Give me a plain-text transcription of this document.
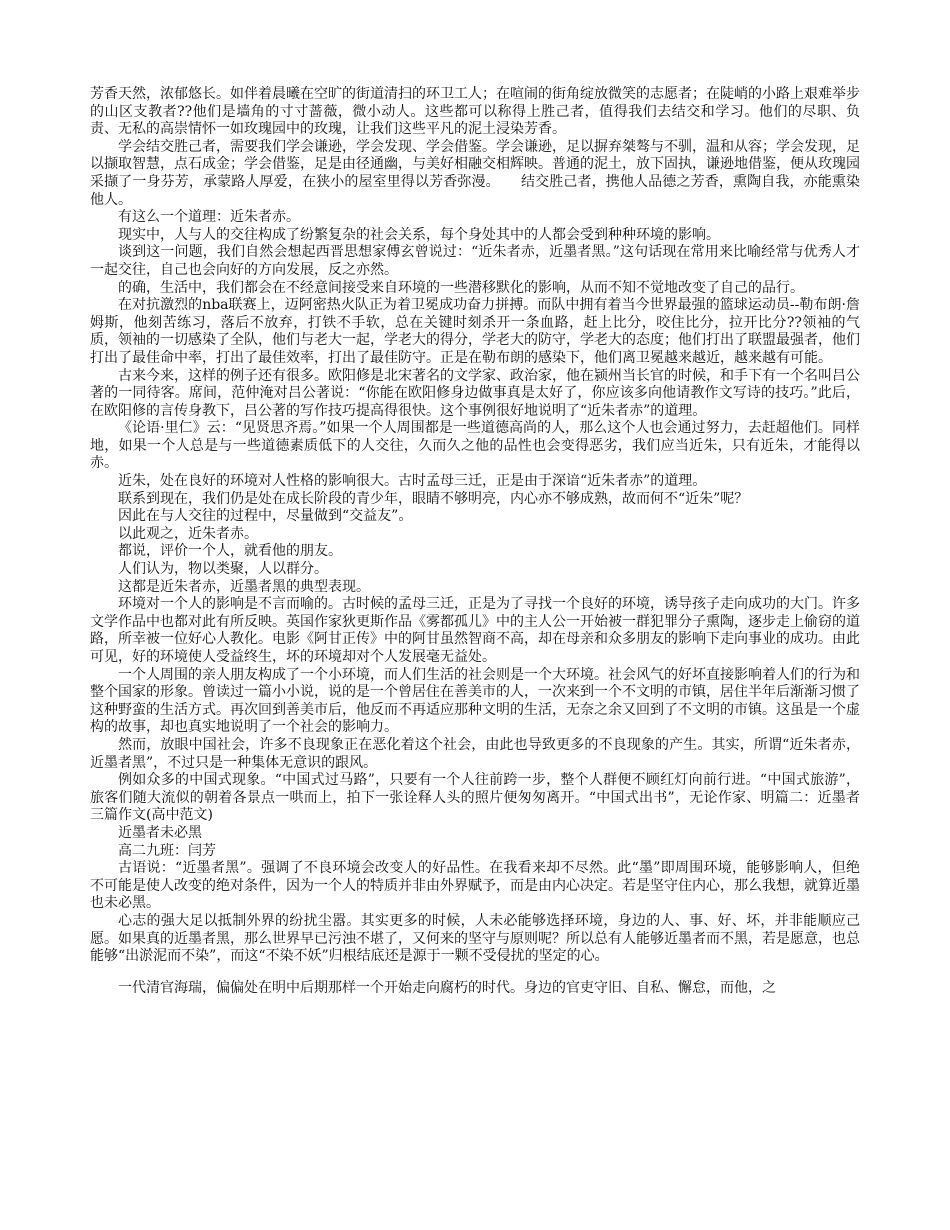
芳香天然，浓郁悠长。如伴着晨曦在空旷的街道清扫的环卫工人；在喧闹的街角绽放微笑的志愿者；在陡峭的小路上艰难举步的山区支教者??他们是墙角的寸寸蔷薇，微小动人。这些都可以称得上胜己者，值得我们去结交和学习。他们的尽职、负责、无私的高崇情怀一如玫瑰园中的玫瑰，让我们这些平凡的泥土浸染芳香。

学会结交胜己者，需要我们学会谦逊，学会发现、学会借鉴。学会谦逊，足以摒弃桀骜与不驯，温和从容；学会发现，足以撷取智慧，点石成金；学会借鉴，足是由径通幽，与美好相融交相辉映。普通的泥土，放下固执，谦逊地借鉴，便从玫瑰园采撷了一身芬芳，承蒙路人厚爱，在狭小的屋室里得以芳香弥漫。　　结交胜己者，携他人品德之芳香，熏陶自我，亦能熏染他人。

有这么一个道理：近朱者赤。

现实中，人与人的交往构成了纷繁复杂的社会关系，每个身处其中的人都会受到种种环境的影响。

谈到这一问题，我们自然会想起西晋思想家傅玄曾说过：“近朱者赤，近墨者黑。”这句话现在常用来比喻经常与优秀人才一起交往，自己也会向好的方向发展，反之亦然。

的确，生活中，我们都会在不经意间接受来自环境的一些潜移默化的影响，从而不知不觉地改变了自己的品行。

在对抗激烈的nba联赛上，迈阿密热火队正为着卫冕成功奋力拼搏。而队中拥有着当今世界最强的篮球运动员--勒布朗·詹姆斯，他刻苦练习，落后不放弃，打铁不手软，总在关键时刻杀开一条血路，赶上比分，咬住比分，拉开比分??领袖的气质，领袖的一切感染了全队，他们与老大一起，学老大的得分，学老大的防守，学老大的态度；他们打出了联盟最强者，他们打出了最佳命中率，打出了最佳效率，打出了最佳防守。正是在勒布朗的感染下，他们离卫冕越来越近，越来越有可能。

古来今来，这样的例子还有很多。欧阳修是北宋著名的文学家、政治家，他在颍州当长官的时候，和手下有一个名叫吕公著的一同待客。席间，范仲淹对吕公著说：“你能在欧阳修身边做事真是太好了，你应该多向他请教作文写诗的技巧。”此后，在欧阳修的言传身教下，吕公著的写作技巧提高得很快。这个事例很好地说明了“近朱者赤”的道理。

《论语·里仁》云：“见贤思齐焉。”如果一个人周围都是一些道德高尚的人，那么这个人也会通过努力，去赶超他们。同样地，如果一个人总是与一些道德素质低下的人交往，久而久之他的品性也会变得恶劣，我们应当近朱，只有近朱，才能得以赤。

近朱，处在良好的环境对人性格的影响很大。古时孟母三迁，正是由于深谙“近朱者赤”的道理。

联系到现在，我们仍是处在成长阶段的青少年，眼睛不够明亮，内心亦不够成熟，故而何不“近朱”呢？

因此在与人交往的过程中，尽量做到“交益友”。

以此观之，近朱者赤。

都说，评价一个人，就看他的朋友。

人们认为，物以类聚，人以群分。

这都是近朱者赤，近墨者黑的典型表现。

环境对一个人的影响是不言而喻的。古时候的孟母三迁，正是为了寻找一个良好的环境，诱导孩子走向成功的大门。许多文学作品中也都对此有所反映。英国作家狄更斯作品《雾都孤儿》中的主人公一开始被一群犯罪分子熏陶，逐步走上偷窃的道路，所幸被一位好心人教化。电影《阿甘正传》中的阿甘虽然智商不高，却在母亲和众多朋友的影响下走向事业的成功。由此可见，好的环境使人受益终生，坏的环境却对个人发展毫无益处。

一个人周围的亲人朋友构成了一个小环境，而人们生活的社会则是一个大环境。社会风气的好坏直接影响着人们的行为和整个国家的形象。曾读过一篇小小说，说的是一个曾居住在善美市的人，一次来到一个不文明的市镇，居住半年后渐渐习惯了这种野蛮的生活方式。再次回到善美市后，他反而不再适应那种文明的生活，无奈之余又回到了不文明的市镇。这虽是一个虚构的故事，却也真实地说明了一个社会的影响力。

然而，放眼中国社会，许多不良现象正在恶化着这个社会，由此也导致更多的不良现象的产生。其实，所谓“近朱者赤，近墨者黑”，不过只是一种集体无意识的跟风。

例如众多的中国式现象。“中国式过马路”，只要有一个人往前跨一步，整个人群便不顾红灯向前行进。“中国式旅游”，旅客们随大流似的朝着各景点一哄而上，拍下一张诠释人头的照片便匆匆离开。“中国式出书”，无论作家、明篇二：近墨者三篇作文(高中范文)

近墨者未必黑

高二九班：闫芳

古语说：“近墨者黑”。强调了不良环境会改变人的好品性。在我看来却不尽然。此“墨”即周围环境，能够影响人，但绝不可能是使人改变的绝对条件，因为一个人的特质并非由外界赋予，而是由内心决定。若是坚守住内心，那么我想，就算近墨也未必黑。

心志的强大足以抵制外界的纷扰尘嚣。其实更多的时候，人未必能够选择环境，身边的人、事、好、坏，并非能顺应己愿。如果真的近墨者黑，那么世界早已污浊不堪了，又何来的坚守与原则呢？所以总有人能够近墨者而不黑，若是愿意，也总能够“出淤泥而不染”，而这“不染不妖”归根结底还是源于一颗不受侵扰的坚定的心。

一代清官海瑞，偏偏处在明中后期那样一个开始走向腐朽的时代。身边的官吏守旧、自私、懈怠，而他，之
